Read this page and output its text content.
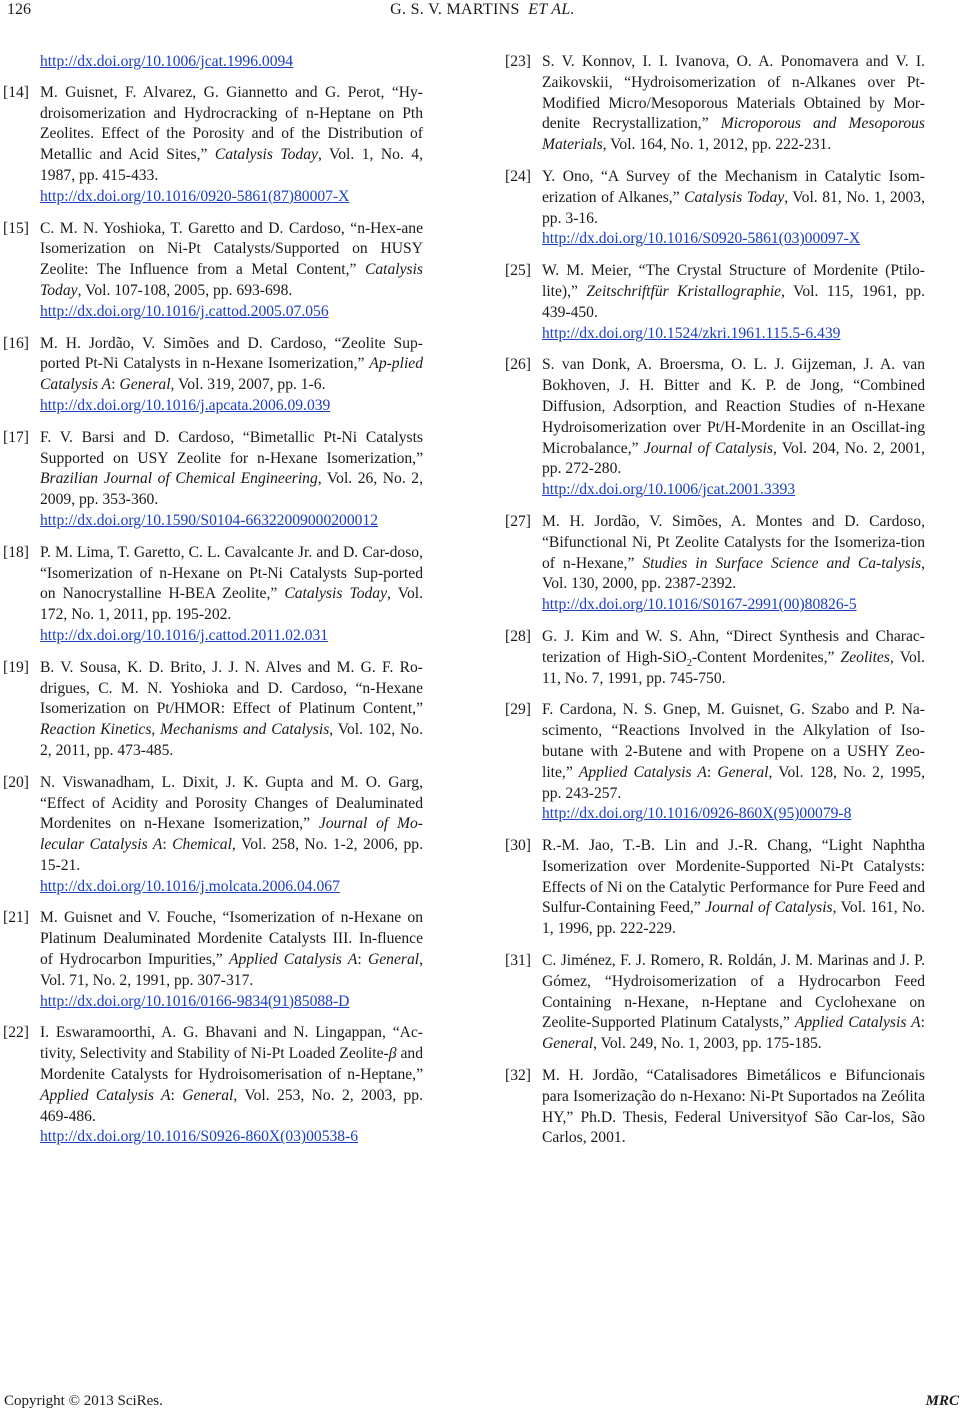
126	G. S. V. MARTINS ET AL.
http://dx.doi.org/10.1006/jcat.1996.0094
[14] M. Guisnet, F. Alvarez, G. Giannetto and G. Perot, “Hy-droisomerization and Hydrocracking of n-Heptane on Pth Zeolites. Effect of the Porosity and of the Distribution of Metallic and Acid Sites,” Catalysis Today, Vol. 1, No. 4, 1987, pp. 415-433.
http://dx.doi.org/10.1016/0920-5861(87)80007-X
[15] C. M. N. Yoshioka, T. Garetto and D. Cardoso, “n-Hex-ane Isomerization on Ni-Pt Catalysts/Supported on HUSY Zeolite: The Influence from a Metal Content,” Catalysis Today, Vol. 107-108, 2005, pp. 693-698.
http://dx.doi.org/10.1016/j.cattod.2005.07.056
[16] M. H. Jordão, V. Simões and D. Cardoso, “Zeolite Sup-ported Pt-Ni Catalysts in n-Hexane Isomerization,” Ap-plied Catalysis A: General, Vol. 319, 2007, pp. 1-6.
http://dx.doi.org/10.1016/j.apcata.2006.09.039
[17] F. V. Barsi and D. Cardoso, “Bimetallic Pt-Ni Catalysts Supported on USY Zeolite for n-Hexane Isomerization,” Brazilian Journal of Chemical Engineering, Vol. 26, No. 2, 2009, pp. 353-360.
http://dx.doi.org/10.1590/S0104-66322009000200012
[18] P. M. Lima, T. Garetto, C. L. Cavalcante Jr. and D. Car-doso, “Isomerization of n-Hexane on Pt-Ni Catalysts Sup-ported on Nanocrystalline H-BEA Zeolite,” Catalysis Today, Vol. 172, No. 1, 2011, pp. 195-202.
http://dx.doi.org/10.1016/j.cattod.2011.02.031
[19] B. V. Sousa, K. D. Brito, J. J. N. Alves and M. G. F. Ro-drigues, C. M. N. Yoshioka and D. Cardoso, “n-Hexane Isomerization on Pt/HMOR: Effect of Platinum Content,” Reaction Kinetics, Mechanisms and Catalysis, Vol. 102, No. 2, 2011, pp. 473-485.
[20] N. Viswanadham, L. Dixit, J. K. Gupta and M. O. Garg, “Effect of Acidity and Porosity Changes of Dealuminated Mordenites on n-Hexane Isomerization,” Journal of Mo-lecular Catalysis A: Chemical, Vol. 258, No. 1-2, 2006, pp. 15-21.
http://dx.doi.org/10.1016/j.molcata.2006.04.067
[21] M. Guisnet and V. Fouche, “Isomerization of n-Hexane on Platinum Dealuminated Mordenite Catalysts III. In-fluence of Hydrocarbon Impurities,” Applied Catalysis A: General, Vol. 71, No. 2, 1991, pp. 307-317.
http://dx.doi.org/10.1016/0166-9834(91)85088-D
[22] I. Eswaramoorthi, A. G. Bhavani and N. Lingappan, “Ac-tivity, Selectivity and Stability of Ni-Pt Loaded Zeolite-β and Mordenite Catalysts for Hydroisomerisation of n-Heptane,” Applied Catalysis A: General, Vol. 253, No. 2, 2003, pp. 469-486.
http://dx.doi.org/10.1016/S0926-860X(03)00538-6
[23] S. V. Konnov, I. I. Ivanova, O. A. Ponomavera and V. I. Zaikovskii, “Hydroisomerization of n-Alkanes over Pt-Modified Micro/Mesoporous Materials Obtained by Mor-denite Recrystallization,” Microporous and Mesoporous Materials, Vol. 164, No. 1, 2012, pp. 222-231.
[24] Y. Ono, “A Survey of the Mechanism in Catalytic Isom-erization of Alkanes,” Catalysis Today, Vol. 81, No. 1, 2003, pp. 3-16.
http://dx.doi.org/10.1016/S0920-5861(03)00097-X
[25] W. M. Meier, “The Crystal Structure of Mordenite (Ptilo-lite),” Zeitschriftfür Kristallographie, Vol. 115, 1961, pp. 439-450.
http://dx.doi.org/10.1524/zkri.1961.115.5-6.439
[26] S. van Donk, A. Broersma, O. L. J. Gijzeman, J. A. van Bokhoven, J. H. Bitter and K. P. de Jong, “Combined Diffusion, Adsorption, and Reaction Studies of n-Hexane Hydroisomerization over Pt/H-Mordenite in an Oscillat-ing Microbalance,” Journal of Catalysis, Vol. 204, No. 2, 2001, pp. 272-280.
http://dx.doi.org/10.1006/jcat.2001.3393
[27] M. H. Jordão, V. Simões, A. Montes and D. Cardoso, “Bifunctional Ni, Pt Zeolite Catalysts for the Isomeriza-tion of n-Hexane,” Studies in Surface Science and Ca-talysis, Vol. 130, 2000, pp. 2387-2392.
http://dx.doi.org/10.1016/S0167-2991(00)80826-5
[28] G. J. Kim and W. S. Ahn, “Direct Synthesis and Charac-terization of High-SiO$_2$-Content Mordenites,” Zeolites, Vol. 11, No. 7, 1991, pp. 745-750.
[29] F. Cardona, N. S. Gnep, M. Guisnet, G. Szabo and P. Na-scimento, “Reactions Involved in the Alkylation of Iso-butane with 2-Butene and with Propene on a USHY Zeo-lite,” Applied Catalysis A: General, Vol. 128, No. 2, 1995, pp. 243-257.
http://dx.doi.org/10.1016/0926-860X(95)00079-8
[30] R.-M. Jao, T.-B. Lin and J.-R. Chang, “Light Naphtha Isomerization over Mordenite-Supported Ni-Pt Catalysts: Effects of Ni on the Catalytic Performance for Pure Feed and Sulfur-Containing Feed,” Journal of Catalysis, Vol. 161, No. 1, 1996, pp. 222-229.
[31] C. Jiménez, F. J. Romero, R. Roldán, J. M. Marinas and J. P. Gómez, “Hydroisomerization of a Hydrocarbon Feed Containing n-Hexane, n-Heptane and Cyclohexane on Zeolite-Supported Platinum Catalysts,” Applied Catalysis A: General, Vol. 249, No. 1, 2003, pp. 175-185.
[32] M. H. Jordão, “Catalisadores Bimetálicos e Bifuncionais para Isomerização do n-Hexano: Ni-Pt Suportados na Zeólita HY,” Ph.D. Thesis, Federal Universityof São Car-los, São Carlos, 2001.
Copyright © 2013 SciRes.	MRC
